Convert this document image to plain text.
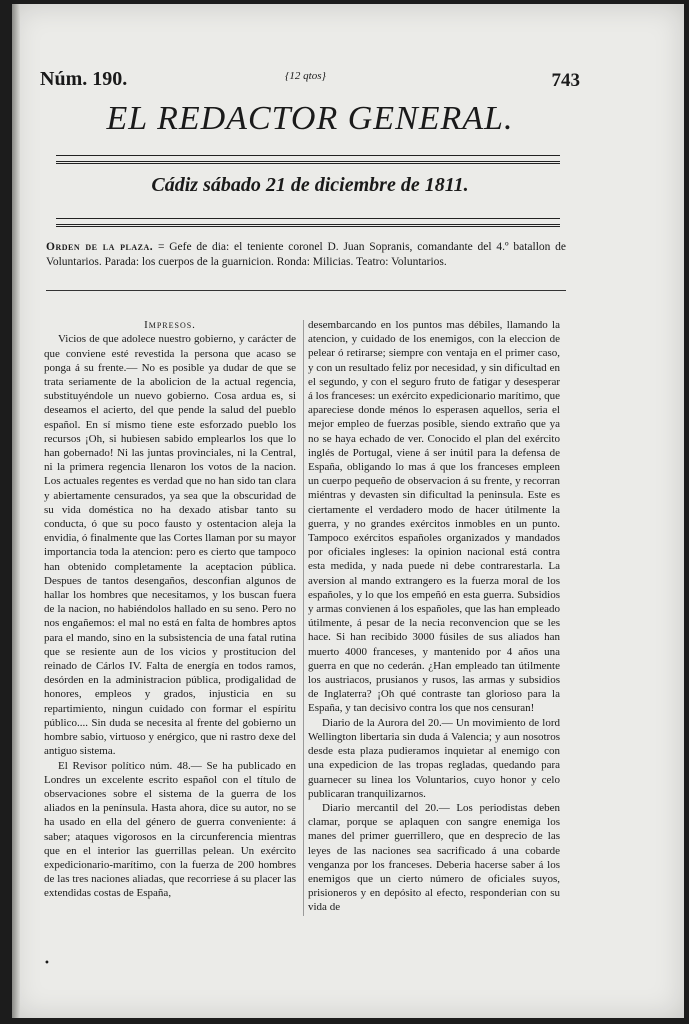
Núm. 190.	{12 qtos}	743
EL REDACTOR GENERAL.
Cádiz sábado 21 de diciembre de 1811.
Orden de la plaza. = Gefe de dia: el teniente coronel D. Juan Sopranis, comandante del 4.º batallon de Voluntarios. Parada: los cuerpos de la guarnicion. Ronda: Milicias. Teatro: Voluntarios.

Impresos.

Vicios de que adolece nuestro gobierno, y carácter de que conviene esté revestida la persona que acaso se ponga á su frente.— No es posible ya dudar de que se trata seriamente de la abolicion de la actual regencia, substituyéndole un nuevo gobierno. Cosa ardua es, si deseamos el acierto, del que pende la salud del pueblo español. En sí mismo tiene este esforzado pueblo los recursos ¡Oh, si hubiesen sabido emplearlos los que lo han gobernado! Ni las juntas provinciales, ni la Central, ni la primera regencia llenaron los votos de la nacion. Los actuales regentes es verdad que no han sido tan clara y abiertamente censurados, ya sea que la obscuridad de su vida doméstica no ha dexado atisbar tanto su conducta, ó que su poco fausto y ostentacion aleja la envidia, ó finalmente que las Cortes llaman por su mayor importancia toda la atencion: pero es cierto que tampoco han obtenido completamente la aceptacion pública. Despues de tantos desengaños, desconfian algunos de hallar los hombres que necesitamos, y los buscan fuera de la nacion, no habiéndolos hallado en su seno. Pero no nos engañemos: el mal no está en falta de hombres aptos para el mando, sino en la subsistencia de una fatal rutina que se resiente aun de los vicios y prostitucion del reinado de Cárlos IV. Falta de energía en todos ramos, desórden en la administracion pública, prodigalidad de honores, empleos y grados, injusticia en su repartimiento, ningun cuidado con formar el espíritu público.... Sin duda se necesita al frente del gobierno un hombre sabio, virtuoso y enérgico, que ni rastro dexe del antiguo sistema.

El Revisor político núm. 48.— Se ha publicado en Londres un excelente escrito español con el título de observaciones sobre el sistema de la guerra de los aliados en la península. Hasta ahora, dice su autor, no se ha usado en ella del género de guerra conveniente: á saber; ataques vigorosos en la circunferencia mientras que en el interior las guerrillas pelean. Un exército expedicionario-marítimo, con la fuerza de 200 hombres de las tres naciones aliadas, que recorriese á su placer las extendidas costas de España,

desembarcando en los puntos mas débiles, llamando la atencion, y cuidado de los enemigos, con la eleccion de pelear ó retirarse; siempre con ventaja en el primer caso, y con un resultado feliz por necesidad, y sin dificultad en el segundo, y con el seguro fruto de fatigar y desesperar á los franceses: un exército expedicionario marítimo, que apareciese donde ménos lo esperasen aquellos, seria el mejor empleo de fuerzas posible, siendo extraño que ya no se haya echado de ver. Conocido el plan del exército inglés de Portugal, viene á ser inútil para la defensa de España, obligando lo mas á que los franceses empleen un cuerpo pequeño de observacion á su frente, y recorran miéntras y devasten sin dificultad la peninsula. Este es ciertamente el verdadero modo de hacer útilmente la guerra, y no grandes exércitos inmobles en un punto. Tampoco exércitos españoles organizados y mandados por oficiales ingleses: la opinion nacional está contra esta medida, y nada puede ni debe contrarestarla. La aversion al mando extrangero es la fuerza moral de los españoles, y lo que los empeñó en esta guerra. Subsidios y armas convienen á los españoles, que las han empleado útilmente, á pesar de la necia reconvencion que se les hace. Si han recibido 3000 fúsiles de sus aliados han muerto 4000 franceses, y mantenido por 4 años una guerra en que no cederán. ¿Han empleado tan útilmente los austriacos, prusianos y rusos, las armas y subsidios de Inglaterra? ¡Oh qué contraste tan glorioso para la España, y tan decisivo contra los que nos censuran!

Diario de la Aurora del 20.— Un movimiento de lord Wellington libertaria sin duda á Valencia; y aun nosotros desde esta plaza pudieramos inquietar al enemigo con una expedicion de las tropas regladas, quedando para guarnecer su linea los Voluntarios, cuyo honor y celo publicaran tranquilizarnos.

Diario mercantil del 20.— Los periodistas deben clamar, porque se aplaquen con sangre enemiga los manes del primer guerrillero, que en desprecio de las leyes de las naciones sea sacrificado á una cobarde venganza por los franceses. Deberia hacerse saber á los enemigos que un cierto número de oficiales suyos, prisioneros y en depósito al efecto, responderian con su vida de

•
